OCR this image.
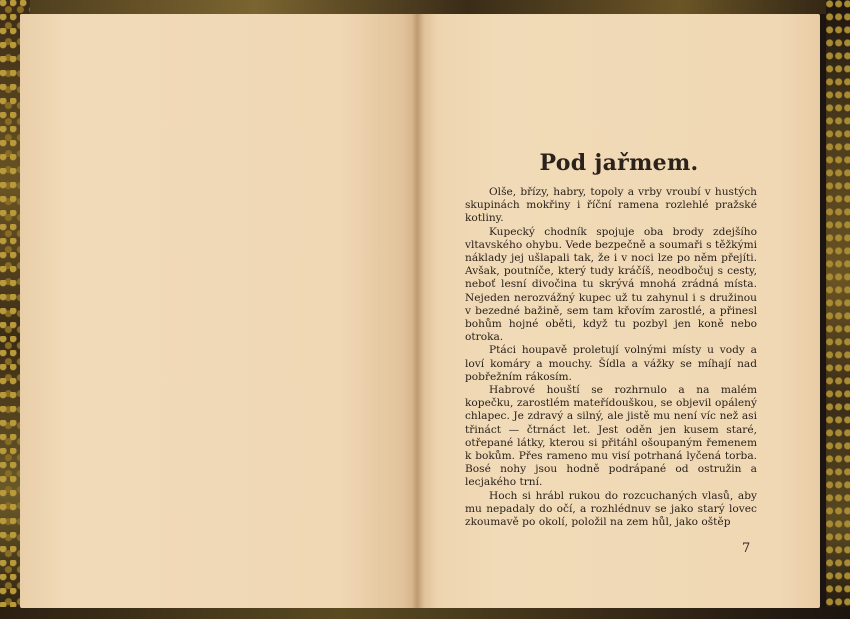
Pod jařmem.

Olše, břízy, habry, topoly a vrby vroubí v hustých skupinách mokřiny i říční ramena rozlehlé pražské kotliny.

Kupecký chodník spojuje oba brody zdejšího vltavského ohybu. Vede bezpečně a soumaři s těžkými náklady jej ušlapali tak, že i v noci lze po něm přejíti. Avšak, poutníče, který tudy kráčíš, neodbočuj s cesty, neboť lesní divočina tu skrývá mnohá zrádná místa. Nejeden nerozvážný kupec už tu zahynul i s družinou v bezedné bažině, sem tam křovím zarostlé, a přinesl bohům hojné oběti, když tu pozbyl jen koně nebo otroka.

Ptáci houpavě proletují volnými místy u vody a loví komáry a mouchy. Šídla a vážky se míhají nad pobřežním rákosím.

Habrové houští se rozhrnulo a na malém kopečku, zarostlém mateřídouškou, se objevil opálený chlapec. Je zdravý a silný, ale jistě mu není víc než asi třináct — čtrnáct let. Jest oděn jen kusem staré, otřepané látky, kterou si přitáhl ošoupaným řemenem k bokům. Přes rameno mu visí potrhaná lyčená torba. Bosé nohy jsou hodně podrápané od ostružin a lecjakého trní.

Hoch si hrábl rukou do rozcuchaných vlasů, aby mu nepadaly do očí, a rozhlédnuv se jako starý lovec zkoumavě po okolí, položil na zem hůl, jako oštěp

7
